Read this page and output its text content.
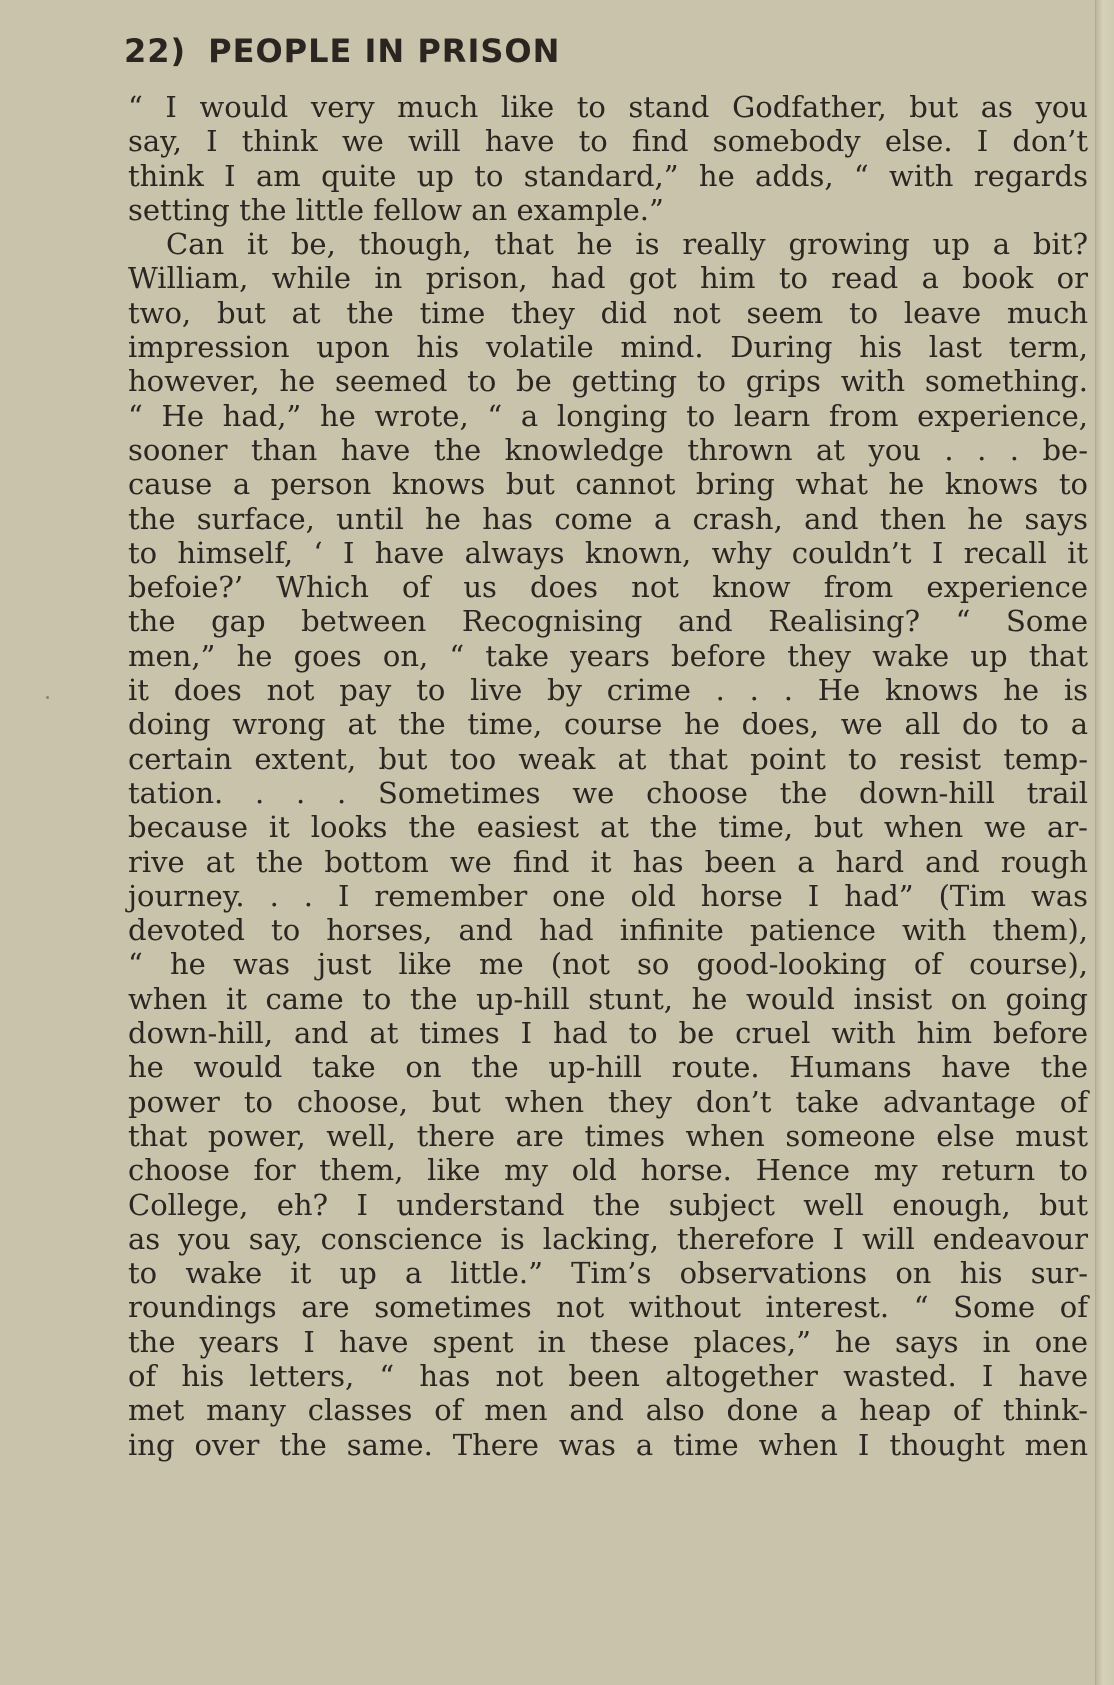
22) PEOPLE IN PRISON
“ I would very much like to stand Godfather, but as you
say, I think we will have to find somebody else. I don’t
think I am quite up to standard,” he adds, “ with regards
setting the little fellow an example.”
Can it be, though, that he is really growing up a bit?
William, while in prison, had got him to read a book or
two, but at the time they did not seem to leave much
impression upon his volatile mind. During his last term,
however, he seemed to be getting to grips with something.
“ He had,” he wrote, “ a longing to learn from experience,
sooner than have the knowledge thrown at you . . . be-
cause a person knows but cannot bring what he knows to
the surface, until he has come a crash, and then he says
to himself, ‘ I have always known, why couldn’t I recall it
befoie?’ Which of us does not know from experience
the gap between Recognising and Realising? “ Some
men,” he goes on, “ take years before they wake up that
it does not pay to live by crime . . . He knows he is
doing wrong at the time, course he does, we all do to a
certain extent, but too weak at that point to resist temp-
tation. . . . Sometimes we choose the down-hill trail
because it looks the easiest at the time, but when we ar-
rive at the bottom we find it has been a hard and rough
journey. . . I remember one old horse I had” (Tim was
devoted to horses, and had infinite patience with them),
“ he was just like me (not so good-looking of course),
when it came to the up-hill stunt, he would insist on going
down-hill, and at times I had to be cruel with him before
he would take on the up-hill route. Humans have the
power to choose, but when they don’t take advantage of
that power, well, there are times when someone else must
choose for them, like my old horse. Hence my return to
College, eh? I understand the subject well enough, but
as you say, conscience is lacking, therefore I will endeavour
to wake it up a little.” Tim’s observations on his sur-
roundings are sometimes not without interest. “ Some of
the years I have spent in these places,” he says in one
of his letters, “ has not been altogether wasted. I have
met many classes of men and also done a heap of think-
ing over the same. There was a time when I thought men
